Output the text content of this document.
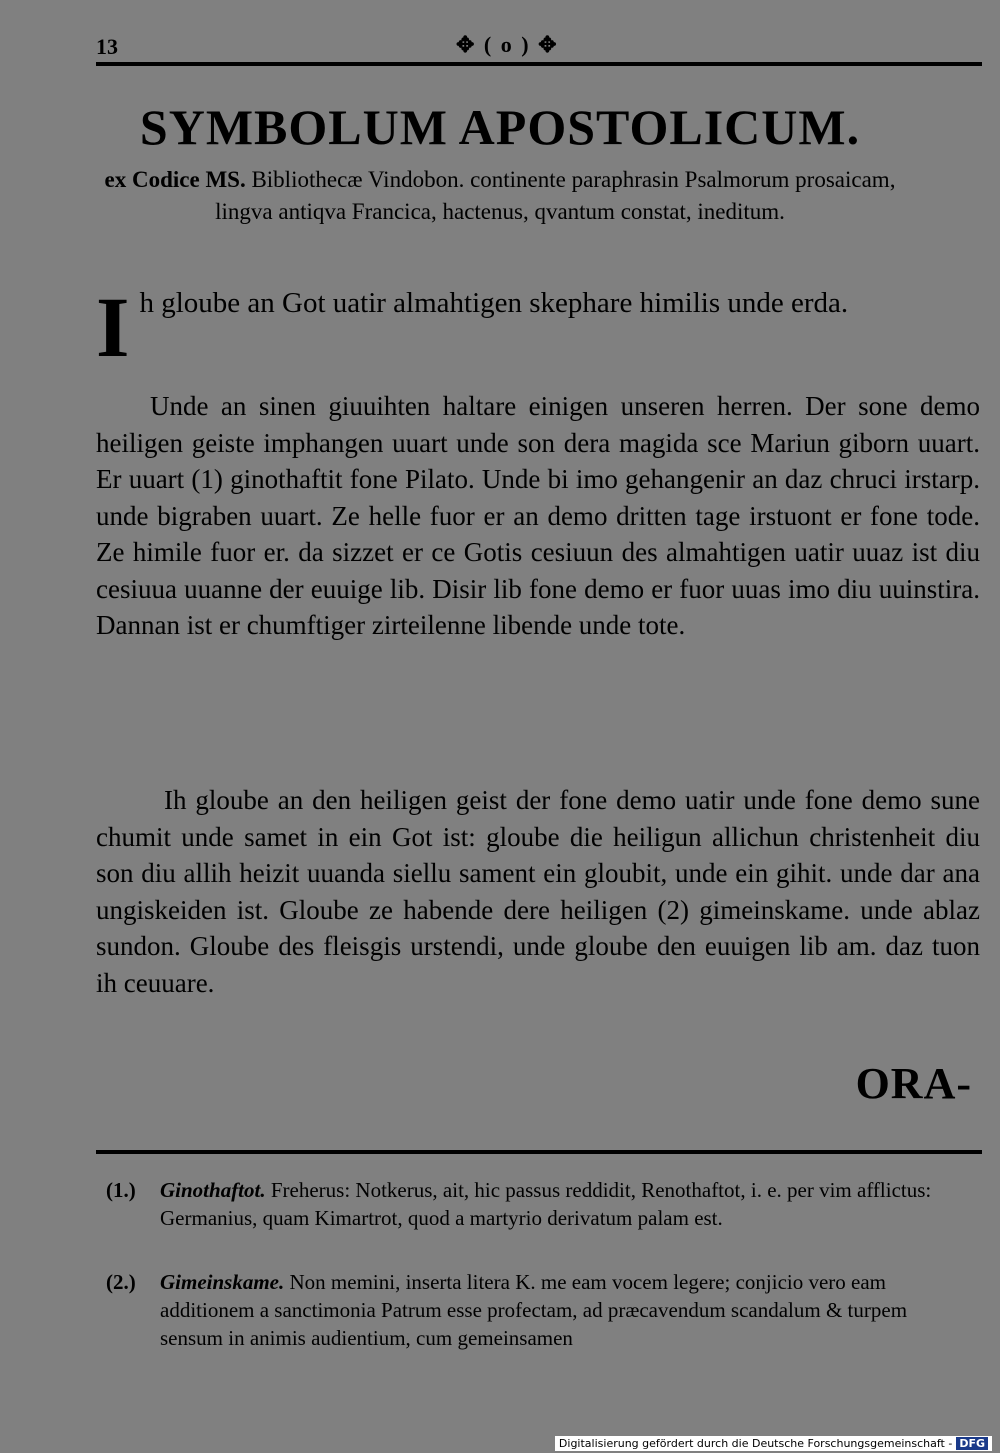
13	✥ ( o ) ✥
SYMBOLUM APOSTOLICUM.
ex Codice MS. Bibliothecæ Vindobon. continente paraphrasin Psalmorum prosaicam, lingva antiqva Francica, hactenus, qvantum constat, ineditum.
I h gloube an Got uatir almahtigen skephare himilis unde erda.
Unde an sinen giuuihten haltare einigen unseren herren. Der sone demo heiligen geiste imphangen uuart unde son dera magida sce Mariun giborn uuart. Er uuart (1) ginothaftit fone Pilato. Unde bi imo gehangenir an daz chruci irstarp. unde bigraben uuart. Ze helle fuor er an demo dritten tage irstuont er fone tode. Ze himile fuor er. da sizzet er ce Gotis cesiuun des almahtigen uatir uuaz ist diu cesiuua uuanne der euuige lib. Disir lib fone demo er fuor uuas imo diu uuinstira. Dannan ist er chumftiger zirteilenne libende unde tote.
Ih gloube an den heiligen geist der fone demo uatir unde fone demo sune chumit unde samet in ein Got ist: gloube die heiligun allichun christenheit diu son diu allih heizit uuanda siellu sament ein gloubit, unde ein gihit. unde dar ana ungiskeiden ist. Gloube ze habende dere heiligen (2) gimeinskame. unde ablaz sundon. Gloube des fleisgis urstendi, unde gloube den euuigen lib am. daz tuon ih ceuuare.
ORA-
(1.)	Ginothaftot. Freherus: Notkerus, ait, hic passus reddidit, Renothaftot, i. e. per vim afflictus: Germanius, quam Kimartrot, quod a martyrio derivatum palam est.
(2.)	Gimeinskame. Non memini, inserta litera K. me eam vocem legere; conjicio vero eam additionem a sanctimonia Patrum esse profectam, ad præcavendum scandalum & turpem sensum in animis audientium, cum gemeinsamen
Digitalisierung gefördert durch die Deutsche Forschungsgemeinschaft - DFG
